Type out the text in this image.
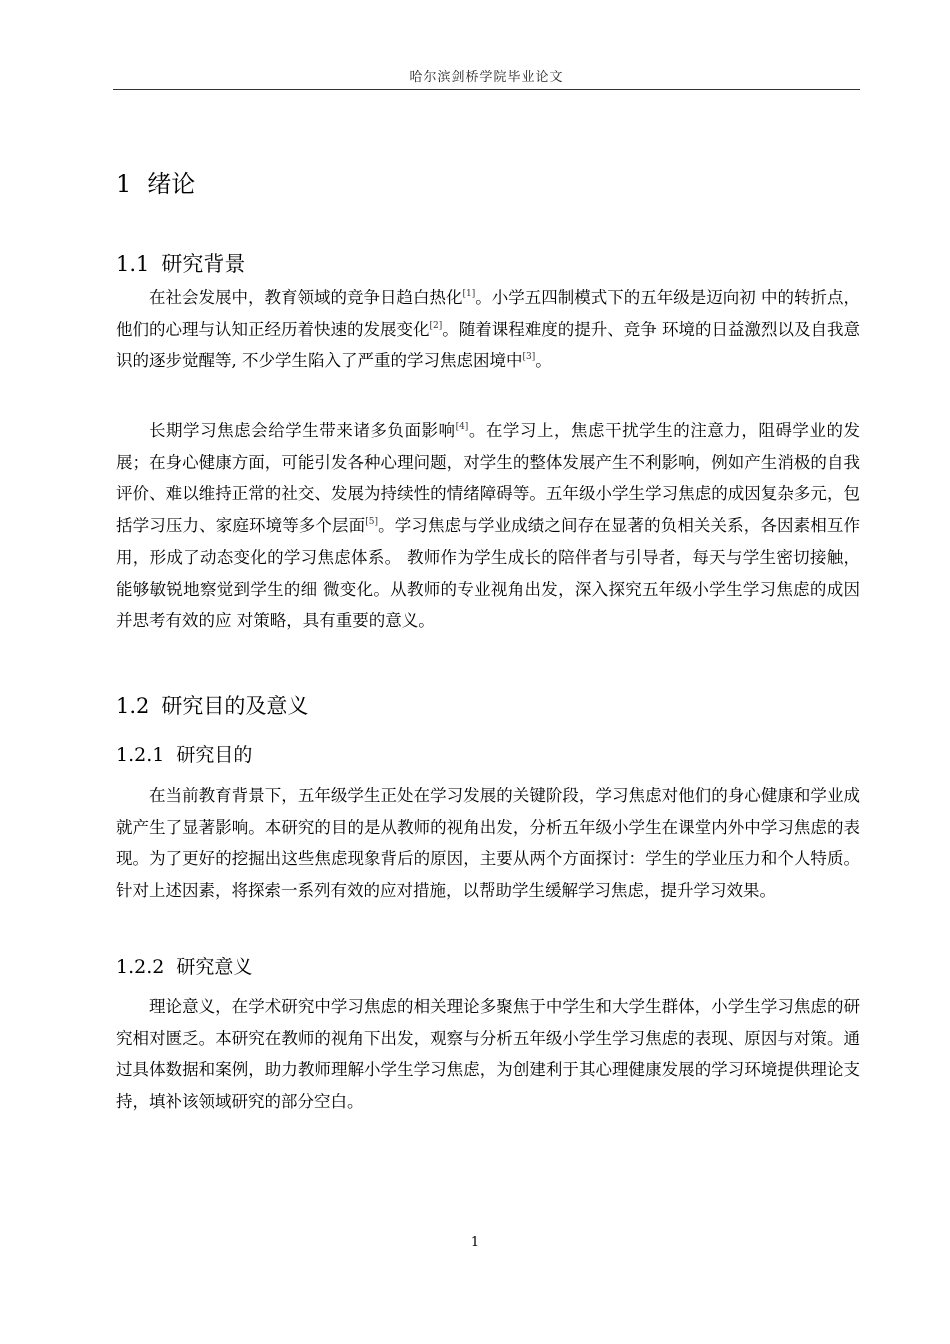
哈尔滨剑桥学院毕业论文
1 绪论
1.1 研究背景
在社会发展中，教育领域的竞争日趋白热化[1]。小学五四制模式下的五年级是迈向初 中的转折点，他们的心理与认知正经历着快速的发展变化[2]。随着课程难度的提升、竞争 环境的日益激烈以及自我意识的逐步觉醒等, 不少学生陷入了严重的学习焦虑困境中[3]。
长期学习焦虑会给学生带来诸多负面影响[4]。在学习上，焦虑干扰学生的注意力，阻碍学业的发展；在身心健康方面，可能引发各种心理问题，对学生的整体发展产生不利影响，例如产生消极的自我评价、难以维持正常的社交、发展为持续性的情绪障碍等。五年级小学生学习焦虑的成因复杂多元，包括学习压力、家庭环境等多个层面[5]。学习焦虑与学业成绩之间存在显著的负相关关系，各因素相互作用，形成了动态变化的学习焦虑体系。 教师作为学生成长的陪伴者与引导者，每天与学生密切接触，能够敏锐地察觉到学生的细 微变化。从教师的专业视角出发，深入探究五年级小学生学习焦虑的成因并思考有效的应 对策略，具有重要的意义。
1.2 研究目的及意义
1.2.1 研究目的
在当前教育背景下，五年级学生正处在学习发展的关键阶段，学习焦虑对他们的身心健康和学业成就产生了显著影响。本研究的目的是从教师的视角出发，分析五年级小学生在课堂内外中学习焦虑的表现。为了更好的挖掘出这些焦虑现象背后的原因，主要从两个方面探讨：学生的学业压力和个人特质。针对上述因素，将探索一系列有效的应对措施，以帮助学生缓解学习焦虑，提升学习效果。
1.2.2 研究意义
理论意义，在学术研究中学习焦虑的相关理论多聚焦于中学生和大学生群体，小学生学习焦虑的研究相对匮乏。本研究在教师的视角下出发，观察与分析五年级小学生学习焦虑的表现、原因与对策。通过具体数据和案例，助力教师理解小学生学习焦虑，为创建利于其心理健康发展的学习环境提供理论支持，填补该领域研究的部分空白。
1
